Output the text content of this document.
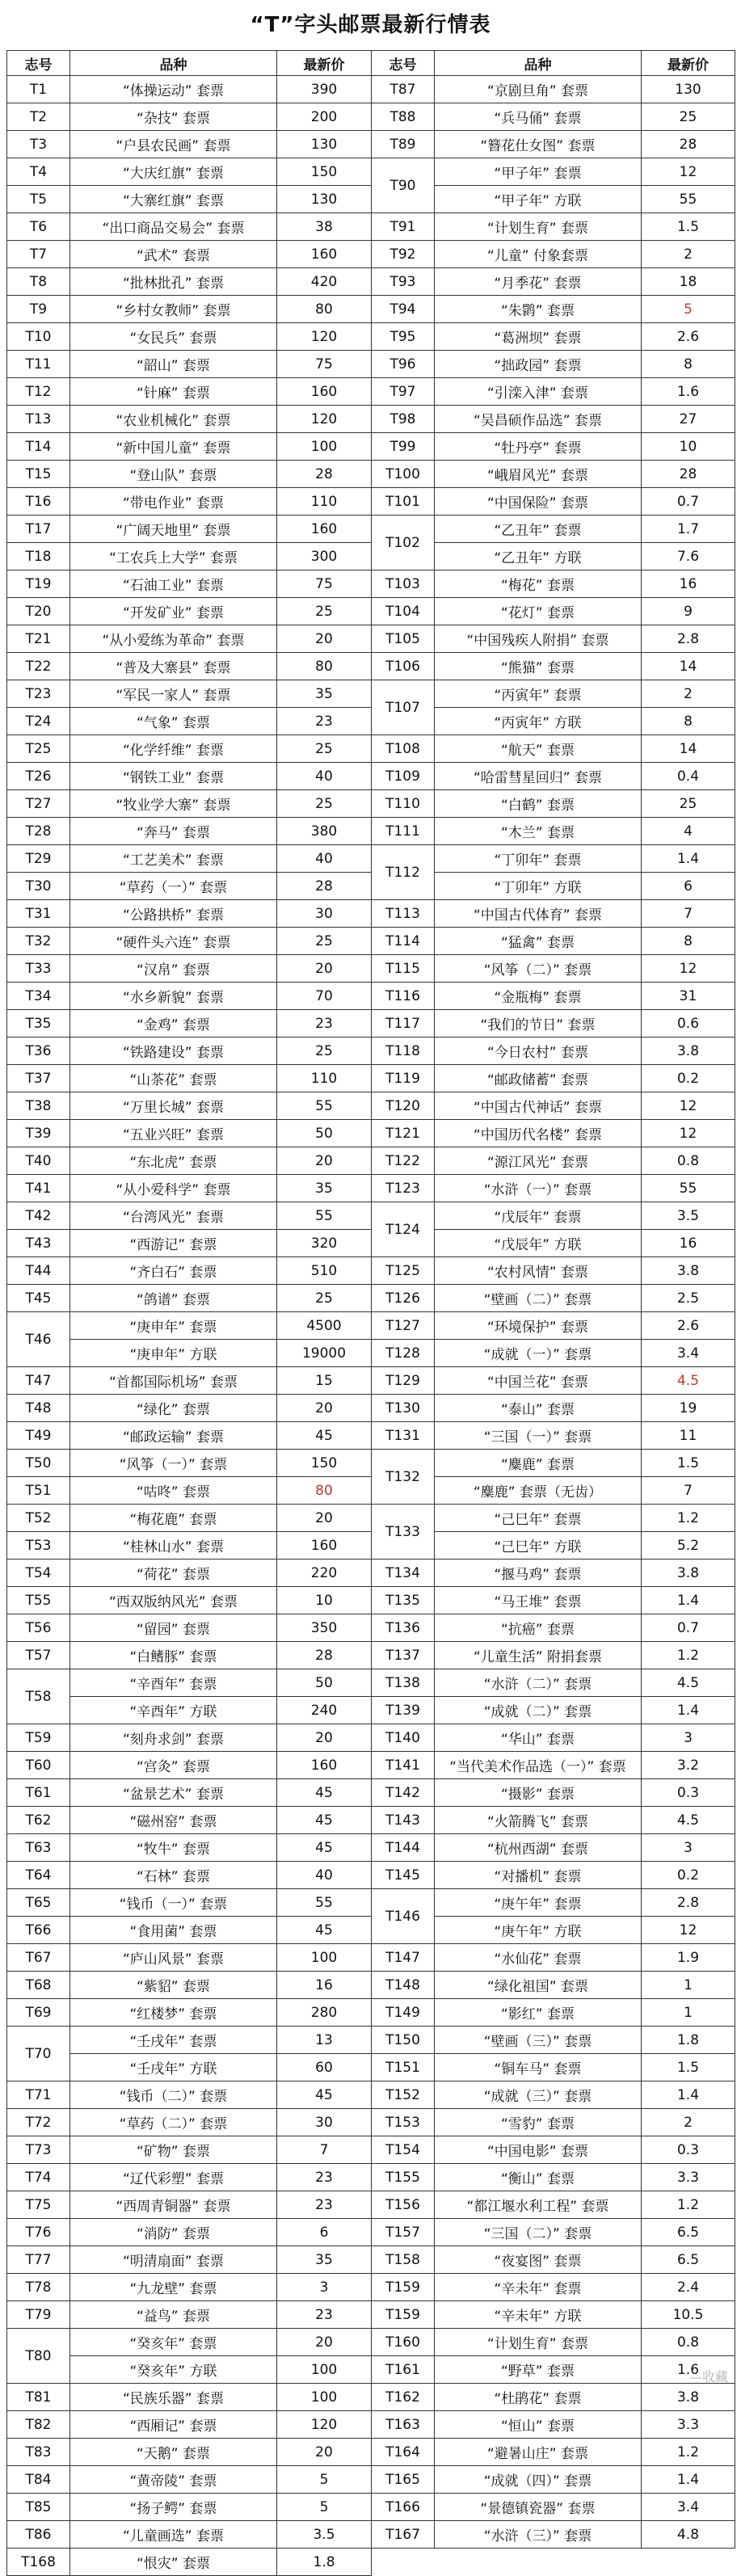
“T”字头邮票最新行情表
志号	品种	最新价	志号	品种	最新价
T1	“体操运动” 套票	390	T87	“京剧旦角” 套票	130
T2	“杂技” 套票	200	T88	“兵马俑” 套票	25
T3	“户县农民画” 套票	130	T89	“簪花仕女图” 套票	28
T4	“大庆红旗” 套票	150	T90	“甲子年” 套票	12
T5	“大寨红旗” 套票	130		“甲子年” 方联	55
T6	“出口商品交易会” 套票	38	T91	“计划生育” 套票	1.5
T7	“武术” 套票	160	T92	“儿童” 付象套票	2
T8	“批林批孔” 套票	420	T93	“月季花” 套票	18
T9	“乡村女教师” 套票	80	T94	“朱鹮” 套票	5
T10	“女民兵” 套票	120	T95	“葛洲坝” 套票	2.6
T11	“韶山” 套票	75	T96	“拙政园” 套票	8
T12	“针麻” 套票	160	T97	“引滦入津” 套票	1.6
T13	“农业机械化” 套票	120	T98	“吴昌硕作品选” 套票	27
T14	“新中国儿童” 套票	100	T99	“牡丹亭” 套票	10
T15	“登山队” 套票	28	T100	“峨眉风光” 套票	28
T16	“带电作业” 套票	110	T101	“中国保险” 套票	0.7
T17	“广阔天地里” 套票	160	T102	“乙丑年” 套票	1.7
T18	“工农兵上大学” 套票	300		“乙丑年” 方联	7.6
T19	“石油工业” 套票	75	T103	“梅花” 套票	16
T20	“开发矿业” 套票	25	T104	“花灯” 套票	9
T21	“从小爱练为革命” 套票	20	T105	“中国残疾人附捐” 套票	2.8
T22	“普及大寨县” 套票	80	T106	“熊猫” 套票	14
T23	“军民一家人” 套票	35	T107	“丙寅年” 套票	2
T24	“气象” 套票	23		“丙寅年” 方联	8
T25	“化学纤维” 套票	25	T108	“航天” 套票	14
T26	“钢铁工业” 套票	40	T109	“哈雷彗星回归” 套票	0.4
T27	“牧业学大寨” 套票	25	T110	“白鹤” 套票	25
T28	“奔马” 套票	380	T111	“木兰” 套票	4
T29	“工艺美术” 套票	40	T112	“丁卯年” 套票	1.4
T30	“草药（一）” 套票	28		“丁卯年” 方联	6
T31	“公路拱桥” 套票	30	T113	“中国古代体育” 套票	7
T32	“硬件头六连” 套票	25	T114	“猛禽” 套票	8
T33	“汉帛” 套票	20	T115	“风筝（二）” 套票	12
T34	“水乡新貌” 套票	70	T116	“金瓶梅” 套票	31
T35	“金鸡” 套票	23	T117	“我们的节日” 套票	0.6
T36	“铁路建设” 套票	25	T118	“今日农村” 套票	3.8
T37	“山茶花” 套票	110	T119	“邮政储蓄” 套票	0.2
T38	“万里长城” 套票	55	T120	“中国古代神话” 套票	12
T39	“五业兴旺” 套票	50	T121	“中国历代名楼” 套票	12
T40	“东北虎” 套票	20	T122	“源江风光” 套票	0.8
T41	“从小爱科学” 套票	35	T123	“水浒（一）” 套票	55
T42	“台湾风光” 套票	55	T124	“戊辰年” 套票	3.5
T43	“西游记” 套票	320		“戊辰年” 方联	16
T44	“齐白石” 套票	510	T125	“农村风情” 套票	3.8
T45	“鸽谱” 套票	25	T126	“壁画（二）” 套票	2.5
T46	“庚申年” 套票	4500	T127	“环境保护” 套票	2.6
	“庚申年” 方联	19000	T128	“成就（一）” 套票	3.4
T47	“首都国际机场” 套票	15	T129	“中国兰花” 套票	4.5
T48	“绿化” 套票	20	T130	“泰山” 套票	19
T49	“邮政运输” 套票	45	T131	“三国（一）” 套票	11
T50	“风筝（一）” 套票	150	T132	“麋鹿” 套票	1.5
T51	“咕咚” 套票	80		“麋鹿” 套票（无齿）	7
T52	“梅花鹿” 套票	20	T133	“己巳年” 套票	1.2
T53	“桂林山水” 套票	160		“己巳年” 方联	5.2
T54	“荷花” 套票	220	T134	“揠马鸡” 套票	3.8
T55	“西双版纳风光” 套票	10	T135	“马王堆” 套票	1.4
T56	“留园” 套票	350	T136	“抗癌” 套票	0.7
T57	“白鳍豚” 套票	28	T137	“儿童生活” 附捐套票	1.2
T58	“辛酉年” 套票	50	T138	“水浒（二）” 套票	4.5
	“辛酉年” 方联	240	T139	“成就（二）” 套票	1.4
T59	“刻舟求剑” 套票	20	T140	“华山” 套票	3
T60	“宫灸” 套票	160	T141	“当代美术作品选（一）” 套票	3.2
T61	“盆景艺术” 套票	45	T142	“摄影” 套票	0.3
T62	“磁州窑” 套票	45	T143	“火箭腾飞” 套票	4.5
T63	“牧牛” 套票	45	T144	“杭州西湖” 套票	3
T64	“石林” 套票	40	T145	“对播机” 套票	0.2
T65	“钱币（一）” 套票	55	T146	“庚午年” 套票	2.8
T66	“食用菌” 套票	45		“庚午年” 方联	12
T67	“庐山风景” 套票	100	T147	“水仙花” 套票	1.9
T68	“紫貂” 套票	16	T148	“绿化祖国” 套票	1
T69	“红楼梦” 套票	280	T149	“影红” 套票	1
T70	“壬戌年” 套票	13	T150	“壁画（三）” 套票	1.8
	“壬戌年” 方联	60	T151	“铜车马” 套票	1.5
T71	“钱币（二）” 套票	45	T152	“成就（三）” 套票	1.4
T72	“草药（二）” 套票	30	T153	“雪豹” 套票	2
T73	“矿物” 套票	7	T154	“中国电影” 套票	0.3
T74	“辽代彩塑” 套票	23	T155	“衡山” 套票	3.3
T75	“西周青铜器” 套票	23	T156	“都江堰水利工程” 套票	1.2
T76	“消防” 套票	6	T157	“三国（二）” 套票	6.5
T77	“明清扇面” 套票	35	T158	“夜宴图” 套票	6.5
T78	“九龙壁” 套票	3	T159	“辛未年” 套票	2.4
T79	“益鸟” 套票	23	T159	“辛未年” 方联	10.5
T80	“癸亥年” 套票	20	T160	“计划生育” 套票	0.8
	“癸亥年” 方联	100	T161	“野草” 套票	1.6
T81	“民族乐器” 套票	100	T162	“杜鹃花” 套票	3.8
T82	“西厢记” 套票	120	T163	“恒山” 套票	3.3
T83	“天鹅” 套票	20	T164	“避暑山庄” 套票	1.2
T84	“黄帝陵” 套票	5	T165	“成就（四）” 套票	1.4
T85	“扬子鳄” 套票	5	T166	“景德镇瓷器” 套票	3.4
T86	“儿童画选” 套票	3.5	T167	“水浒（三）” 套票	4.8
T168	“恨灾” 套票	1.8			
—收藏
